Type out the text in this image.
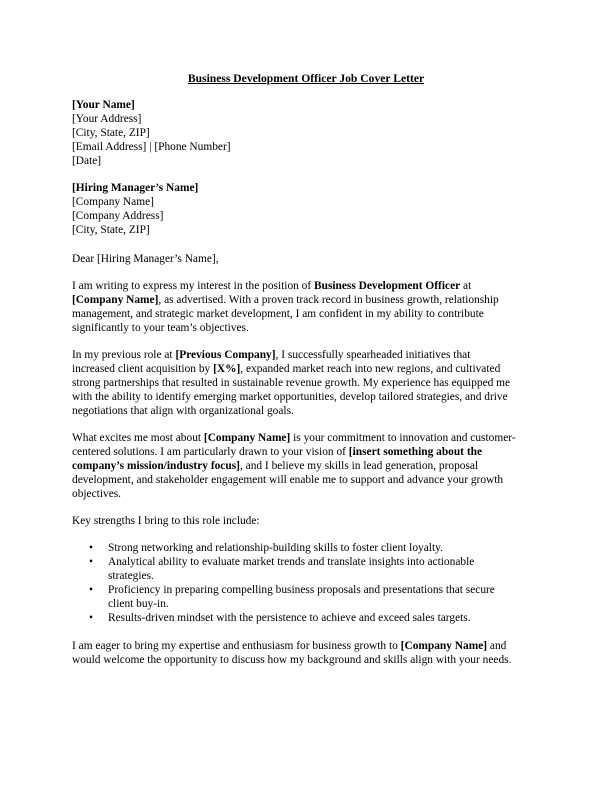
Business Development Officer Job Cover Letter
[Your Name]
[Your Address]
[City, State, ZIP]
[Email Address] | [Phone Number]
[Date]
[Hiring Manager’s Name]
[Company Name]
[Company Address]
[City, State, ZIP]
Dear [Hiring Manager’s Name],
I am writing to express my interest in the position of Business Development Officer at
[Company Name], as advertised. With a proven track record in business growth, relationship
management, and strategic market development, I am confident in my ability to contribute
significantly to your team’s objectives.
In my previous role at [Previous Company], I successfully spearheaded initiatives that
increased client acquisition by [X%], expanded market reach into new regions, and cultivated
strong partnerships that resulted in sustainable revenue growth. My experience has equipped me
with the ability to identify emerging market opportunities, develop tailored strategies, and drive
negotiations that align with organizational goals.
What excites me most about [Company Name] is your commitment to innovation and customer-
centered solutions. I am particularly drawn to your vision of [insert something about the
company’s mission/industry focus], and I believe my skills in lead generation, proposal
development, and stakeholder engagement will enable me to support and advance your growth
objectives.
Key strengths I bring to this role include:
• Strong networking and relationship-building skills to foster client loyalty.
• Analytical ability to evaluate market trends and translate insights into actionable
strategies.
• Proficiency in preparing compelling business proposals and presentations that secure
client buy-in.
• Results-driven mindset with the persistence to achieve and exceed sales targets.
I am eager to bring my expertise and enthusiasm for business growth to [Company Name] and
would welcome the opportunity to discuss how my background and skills align with your needs.
